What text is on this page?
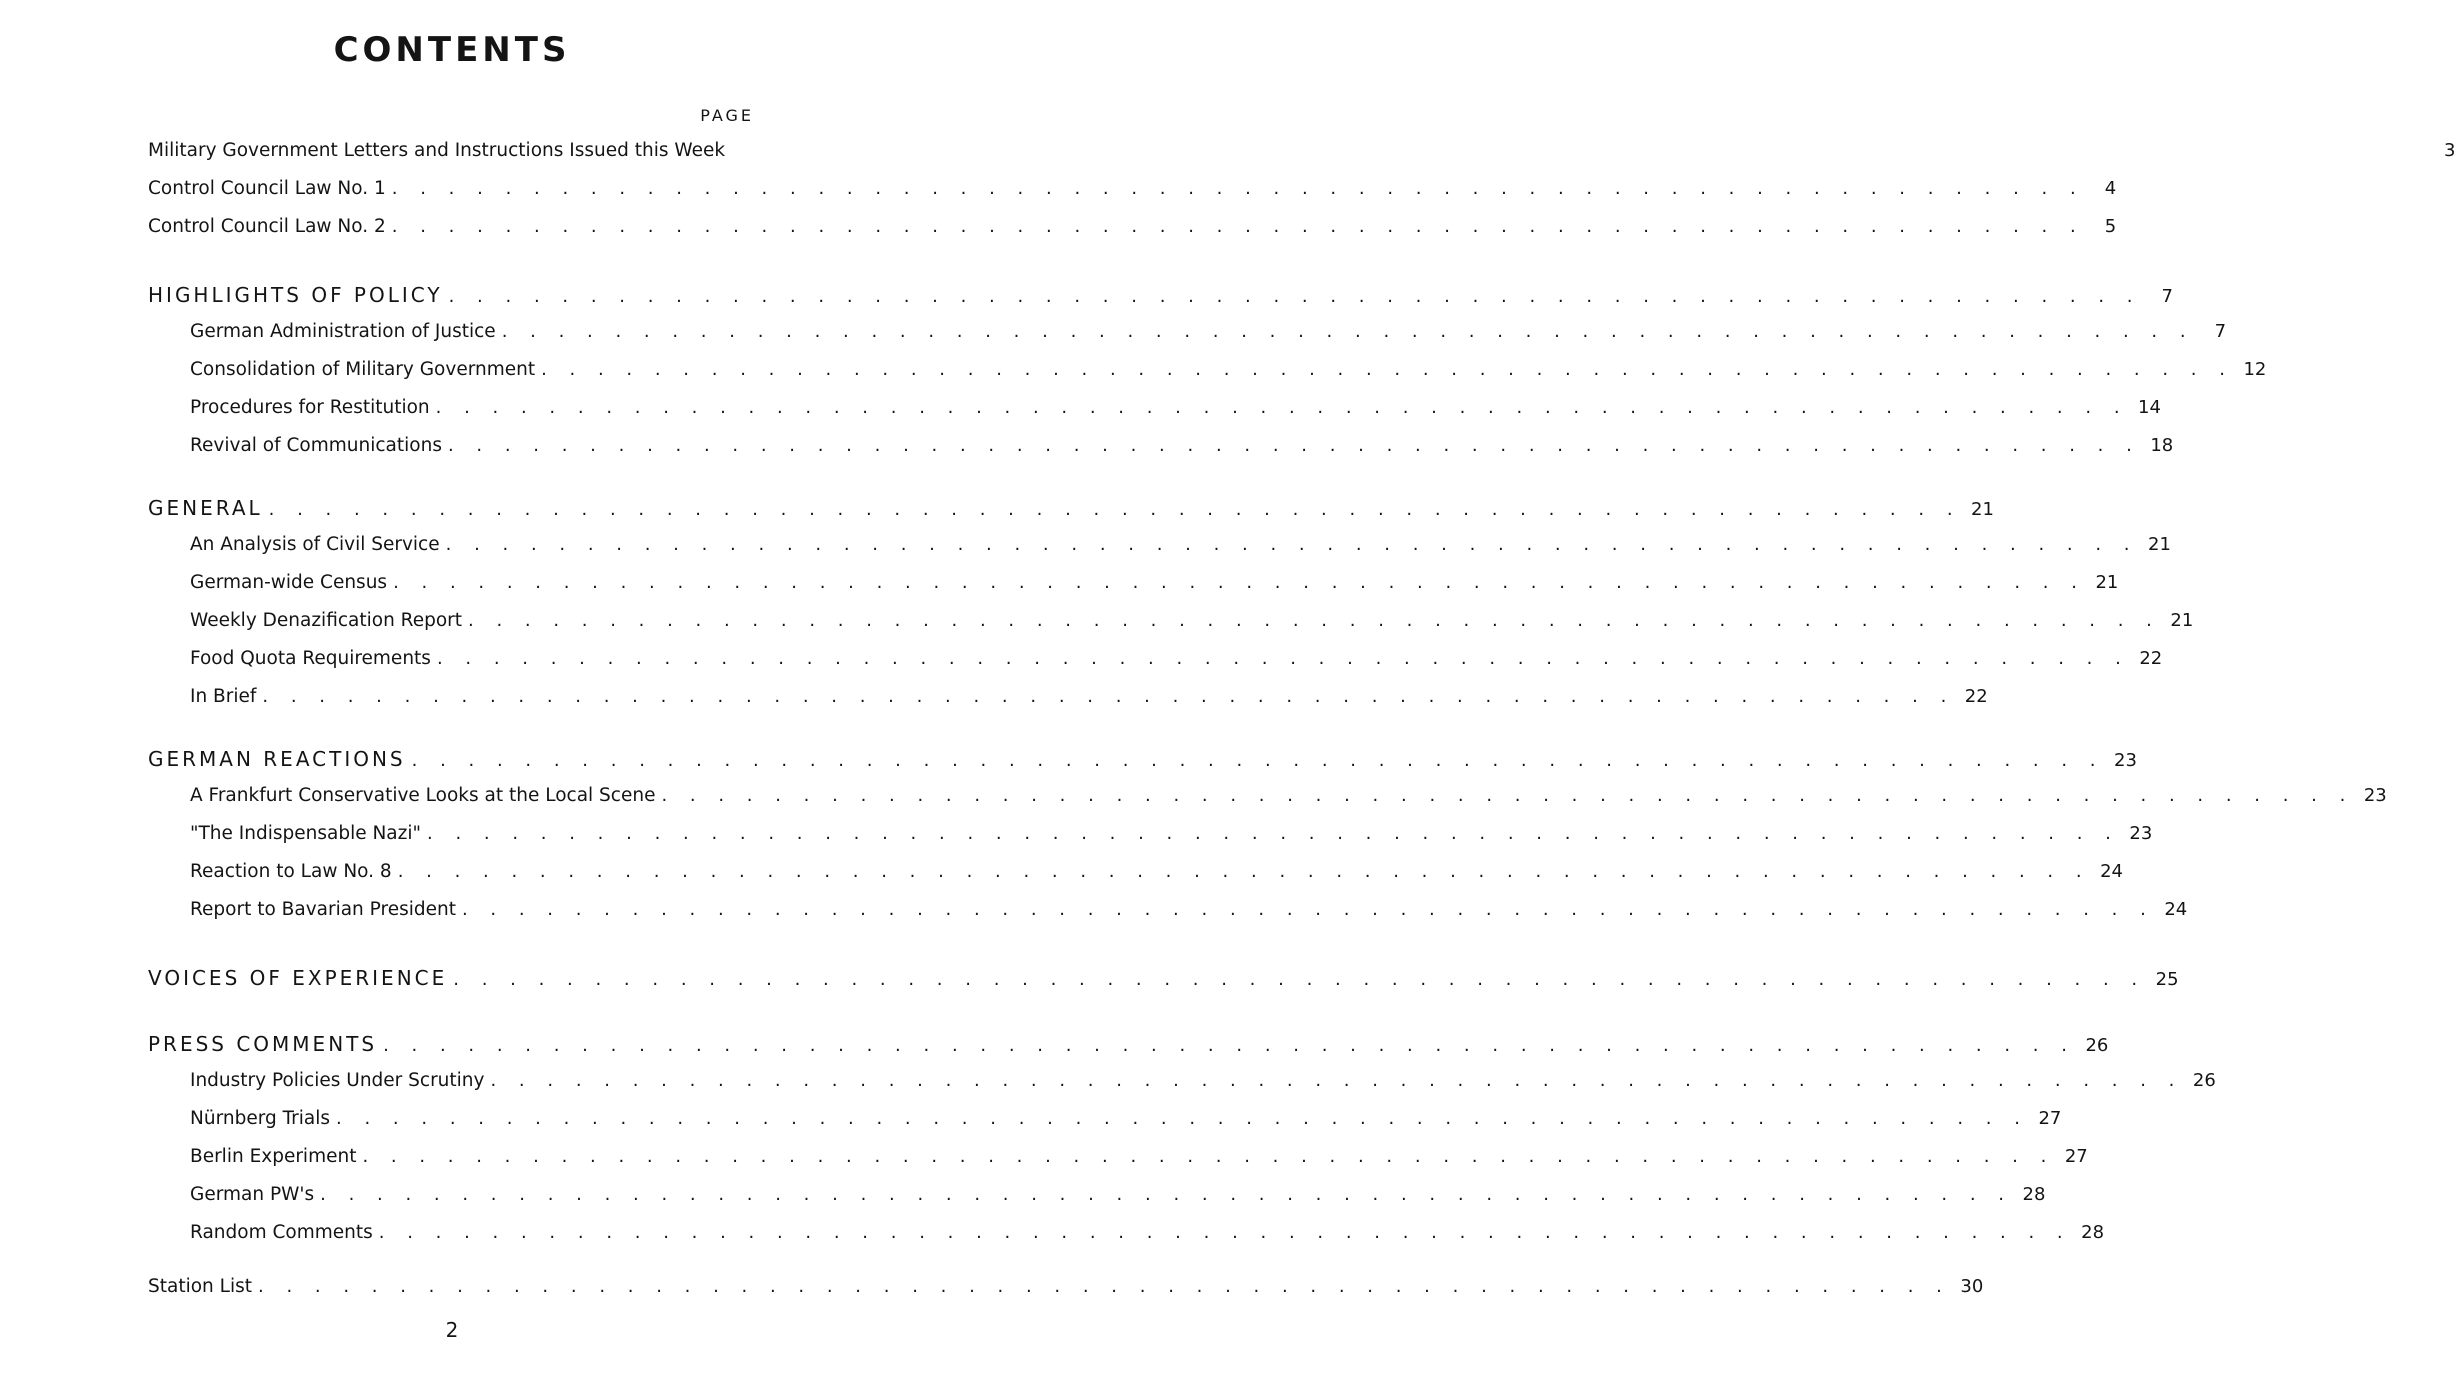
CONTENTS
PAGE
Military Government Letters and Instructions Issued this Week	3
Control Council Law No. 1 . . . . . . . . . . . . . . . . . . . . . . . . . . . . . . . . . . . . . . . . . . . . . . . . . . . . . . . . . . . .	4
Control Council Law No. 2 . . . . . . . . . . . . . . . . . . . . . . . . . . . . . . . . . . . . . . . . . . . . . . . . . . . . . . . . . . . .	5
HIGHLIGHTS OF POLICY . . . . . . . . . . . . . . . . . . . . . . . . . . . . . . . . . . . . . . . . . . . . . . . . . . . . . . . . . . . .	7
German Administration of Justice . . . . . . . . . . . . . . . . . . . . . . . . . . . . . . . . . . . . . . . . . . . . . . . . . . . . . . . . . . . .	7
Consolidation of Military Government . . . . . . . . . . . . . . . . . . . . . . . . . . . . . . . . . . . . . . . . . . . . . . . . . . . . . . . . . . . . 12
Procedures for Restitution . . . . . . . . . . . . . . . . . . . . . . . . . . . . . . . . . . . . . . . . . . . . . . . . . . . . . . . . . . . . 14
Revival of Communications . . . . . . . . . . . . . . . . . . . . . . . . . . . . . . . . . . . . . . . . . . . . . . . . . . . . . . . . . . . . 18
GENERAL . . . . . . . . . . . . . . . . . . . . . . . . . . . . . . . . . . . . . . . . . . . . . . . . . . . . . . . . . . . . 21
An Analysis of Civil Service . . . . . . . . . . . . . . . . . . . . . . . . . . . . . . . . . . . . . . . . . . . . . . . . . . . . . . . . . . . . 21
German-wide Census . . . . . . . . . . . . . . . . . . . . . . . . . . . . . . . . . . . . . . . . . . . . . . . . . . . . . . . . . . . . 21
Weekly Denazification Report . . . . . . . . . . . . . . . . . . . . . . . . . . . . . . . . . . . . . . . . . . . . . . . . . . . . . . . . . . . . 21
Food Quota Requirements . . . . . . . . . . . . . . . . . . . . . . . . . . . . . . . . . . . . . . . . . . . . . . . . . . . . . . . . . . . . 22
In Brief . . . . . . . . . . . . . . . . . . . . . . . . . . . . . . . . . . . . . . . . . . . . . . . . . . . . . . . . . . . . 22
GERMAN REACTIONS . . . . . . . . . . . . . . . . . . . . . . . . . . . . . . . . . . . . . . . . . . . . . . . . . . . . . . . . . . . . 23
A Frankfurt Conservative Looks at the Local Scene . . . . . . . . . . . . . . . . . . . . . . . . . . . . . . . . . . . . . . . . . . . . . . . . . . . . . . . . . . . . 23
"The Indispensable Nazi" . . . . . . . . . . . . . . . . . . . . . . . . . . . . . . . . . . . . . . . . . . . . . . . . . . . . . . . . . . . . 23
Reaction to Law No. 8 . . . . . . . . . . . . . . . . . . . . . . . . . . . . . . . . . . . . . . . . . . . . . . . . . . . . . . . . . . . . 24
Report to Bavarian President . . . . . . . . . . . . . . . . . . . . . . . . . . . . . . . . . . . . . . . . . . . . . . . . . . . . . . . . . . . . 24
VOICES OF EXPERIENCE . . . . . . . . . . . . . . . . . . . . . . . . . . . . . . . . . . . . . . . . . . . . . . . . . . . . . . . . . . . . 25
PRESS COMMENTS . . . . . . . . . . . . . . . . . . . . . . . . . . . . . . . . . . . . . . . . . . . . . . . . . . . . . . . . . . . . 26
Industry Policies Under Scrutiny . . . . . . . . . . . . . . . . . . . . . . . . . . . . . . . . . . . . . . . . . . . . . . . . . . . . . . . . . . . . 26
Nürnberg Trials . . . . . . . . . . . . . . . . . . . . . . . . . . . . . . . . . . . . . . . . . . . . . . . . . . . . . . . . . . . . 27
Berlin Experiment . . . . . . . . . . . . . . . . . . . . . . . . . . . . . . . . . . . . . . . . . . . . . . . . . . . . . . . . . . . . 27
German PW's . . . . . . . . . . . . . . . . . . . . . . . . . . . . . . . . . . . . . . . . . . . . . . . . . . . . . . . . . . . . 28
Random Comments . . . . . . . . . . . . . . . . . . . . . . . . . . . . . . . . . . . . . . . . . . . . . . . . . . . . . . . . . . . . 28
Station List . . . . . . . . . . . . . . . . . . . . . . . . . . . . . . . . . . . . . . . . . . . . . . . . . . . . . . . . . . . . 30
2
